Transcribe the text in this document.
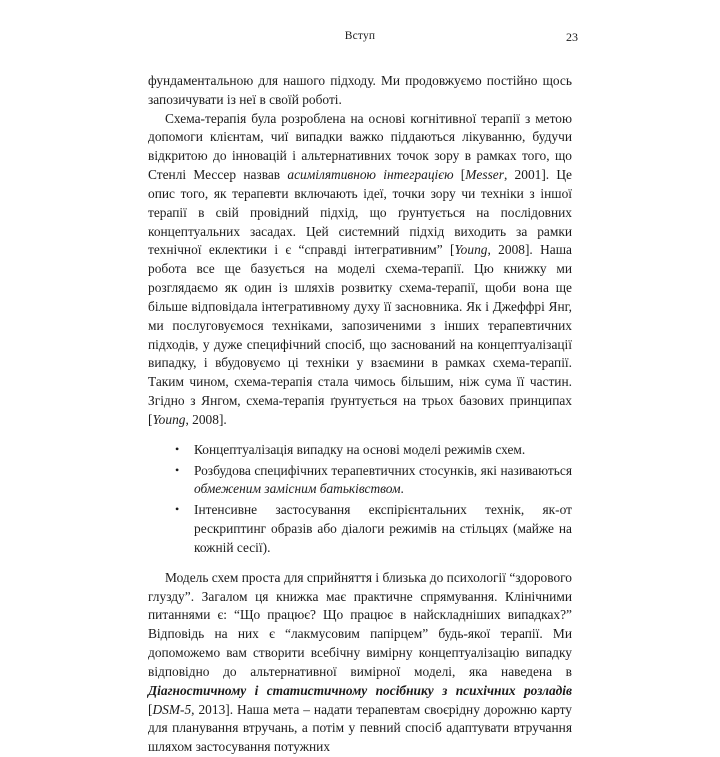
Вступ	23

фундаментальною для нашого підходу. Ми продовжуємо постійно щось запозичувати із неї в своїй роботі.

Схема-терапія була розроблена на основі когнітивної терапії з метою допомоги клієнтам, чиї випадки важко піддаються лікуванню, будучи відкритою до інновацій і альтернативних точок зору в рамках того, що Стенлі Мессер назвав асимілятивною інтеграцією [Messer, 2001]. Це опис того, як терапевти включають ідеї, точки зору чи техніки з іншої терапії в свій провідний підхід, що ґрунтується на послідовних концептуальних засадах. Цей системний підхід виходить за рамки технічної еклектики і є “справді інтегративним” [Young, 2008]. Наша робота все ще базується на моделі схема-терапії. Цю книжку ми розглядаємо як один із шляхів розвитку схема-терапії, щоби вона ще більше відповідала інтегративному духу її засновника. Як і Джеффрі Янг, ми послуговуємося техніками, запозиченими з інших терапевтичних підходів, у дуже специфічний спосіб, що заснований на концептуалізації випадку, і вбудовуємо ці техніки у взаємини в рамках схема-терапії. Таким чином, схема-терапія стала чимось більшим, ніж сума її частин. Згідно з Янгом, схема-терапія ґрунтується на трьох базових принципах [Young, 2008].

• Концептуалізація випадку на основі моделі режимів схем.
• Розбудова специфічних терапевтичних стосунків, які називаються обмеженим замісним батьківством.
• Інтенсивне застосування експірієнтальних технік, як-от рескриптинг образів або діалоги режимів на стільцях (майже на кожній сесії).

Модель схем проста для сприйняття і близька до психології “здорового глузду”. Загалом ця книжка має практичне спрямування. Клінічними питаннями є: “Що працює? Що працює в найскладніших випадках?” Відповідь на них є “лакмусовим папірцем” будь-якої терапії. Ми допоможемо вам створити всебічну вимірну концептуалізацію випадку відповідно до альтернативної вимірної моделі, яка наведена в Діагностичному і статистичному посібнику з психічних розладів [DSM-5, 2013]. Наша мета – надати терапевтам своєрідну дорожню карту для планування втручань, а потім у певний спосіб адаптувати втручання шляхом застосування потужних
